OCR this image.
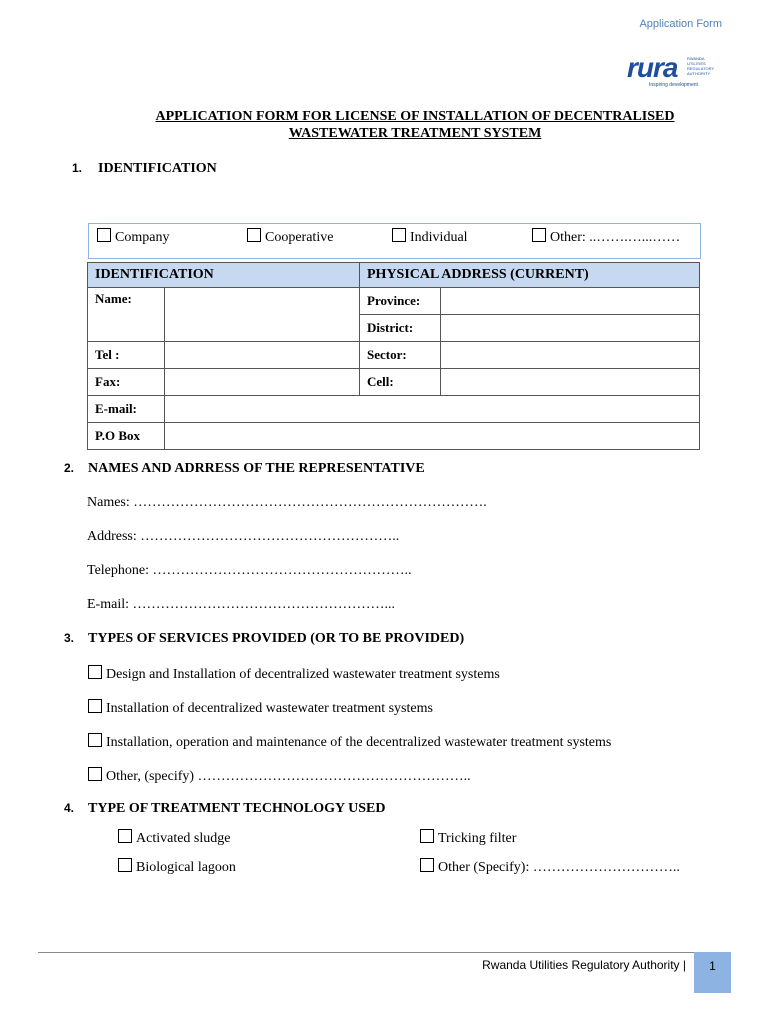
Application Form
rura RWANDA UTILITIES REGULATORY AUTHORITY
Inspiring development
APPLICATION FORM FOR LICENSE OF INSTALLATION OF DECENTRALISED
WASTEWATER TREATMENT SYSTEM
1. IDENTIFICATION
Company	Cooperative	Individual	Other: ..…….…...……
IDENTIFICATION		PHYSICAL ADDRESS (CURRENT)	
Name:		Province:	
		District:	
Tel :		Sector:	
Fax:		Cell:	
E-mail:			
P.O Box			
2. NAMES AND ADRRESS OF THE REPRESENTATIVE
Names: ………………………………………………………………….
Address: ………………………………………………..
Telephone: ………………………………………………..
E-mail: ………………………………………………...
3. TYPES OF SERVICES PROVIDED (OR TO BE PROVIDED)
Design and Installation of decentralized wastewater treatment systems
Installation of decentralized wastewater treatment systems
Installation, operation and maintenance of the decentralized wastewater treatment systems
Other, (specify) …………………………………………………..
4. TYPE OF TREATMENT TECHNOLOGY USED
Activated sludge	Tricking filter
Biological lagoon	Other (Specify): …………………………..
Rwanda Utilities Regulatory Authority |	1
